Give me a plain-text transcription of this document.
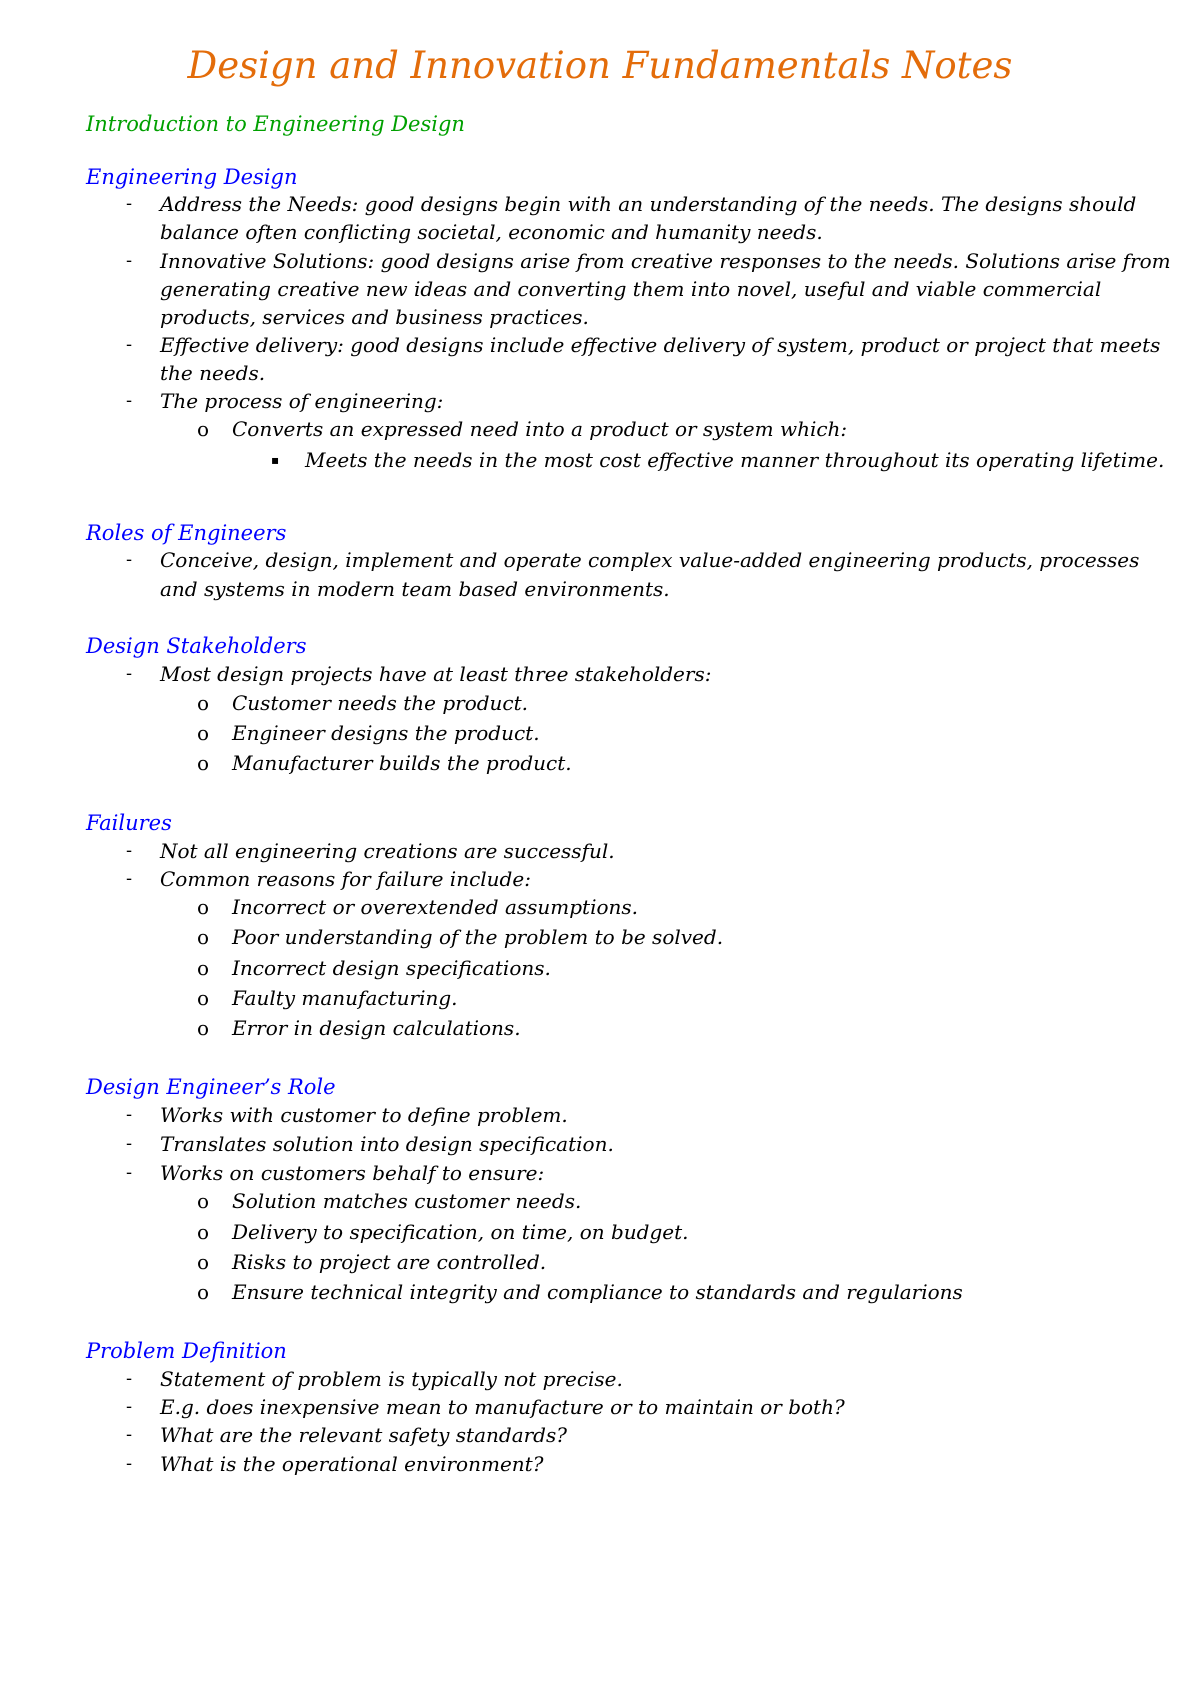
Design and Innovation Fundamentals Notes
Introduction to Engineering Design
Engineering Design
- Address the Needs: good designs begin with an understanding of the needs. The designs should
balance often conflicting societal, economic and humanity needs.
- Innovative Solutions: good designs arise from creative responses to the needs. Solutions arise from
generating creative new ideas and converting them into novel, useful and viable commercial
products, services and business practices.
- Effective delivery: good designs include effective delivery of system, product or project that meets
the needs.
- The process of engineering:
o Converts an expressed need into a product or system which:
▪ Meets the needs in the most cost effective manner throughout its operating lifetime.
Roles of Engineers
- Conceive, design, implement and operate complex value-added engineering products, processes
and systems in modern team based environments.
Design Stakeholders
- Most design projects have at least three stakeholders:
o Customer needs the product.
o Engineer designs the product.
o Manufacturer builds the product.
Failures
- Not all engineering creations are successful.
- Common reasons for failure include:
o Incorrect or overextended assumptions.
o Poor understanding of the problem to be solved.
o Incorrect design specifications.
o Faulty manufacturing.
o Error in design calculations.
Design Engineer’s Role
- Works with customer to define problem.
- Translates solution into design specification.
- Works on customers behalf to ensure:
o Solution matches customer needs.
o Delivery to specification, on time, on budget.
o Risks to project are controlled.
o Ensure technical integrity and compliance to standards and regularions
Problem Definition
- Statement of problem is typically not precise.
- E.g. does inexpensive mean to manufacture or to maintain or both?
- What are the relevant safety standards?
- What is the operational environment?
